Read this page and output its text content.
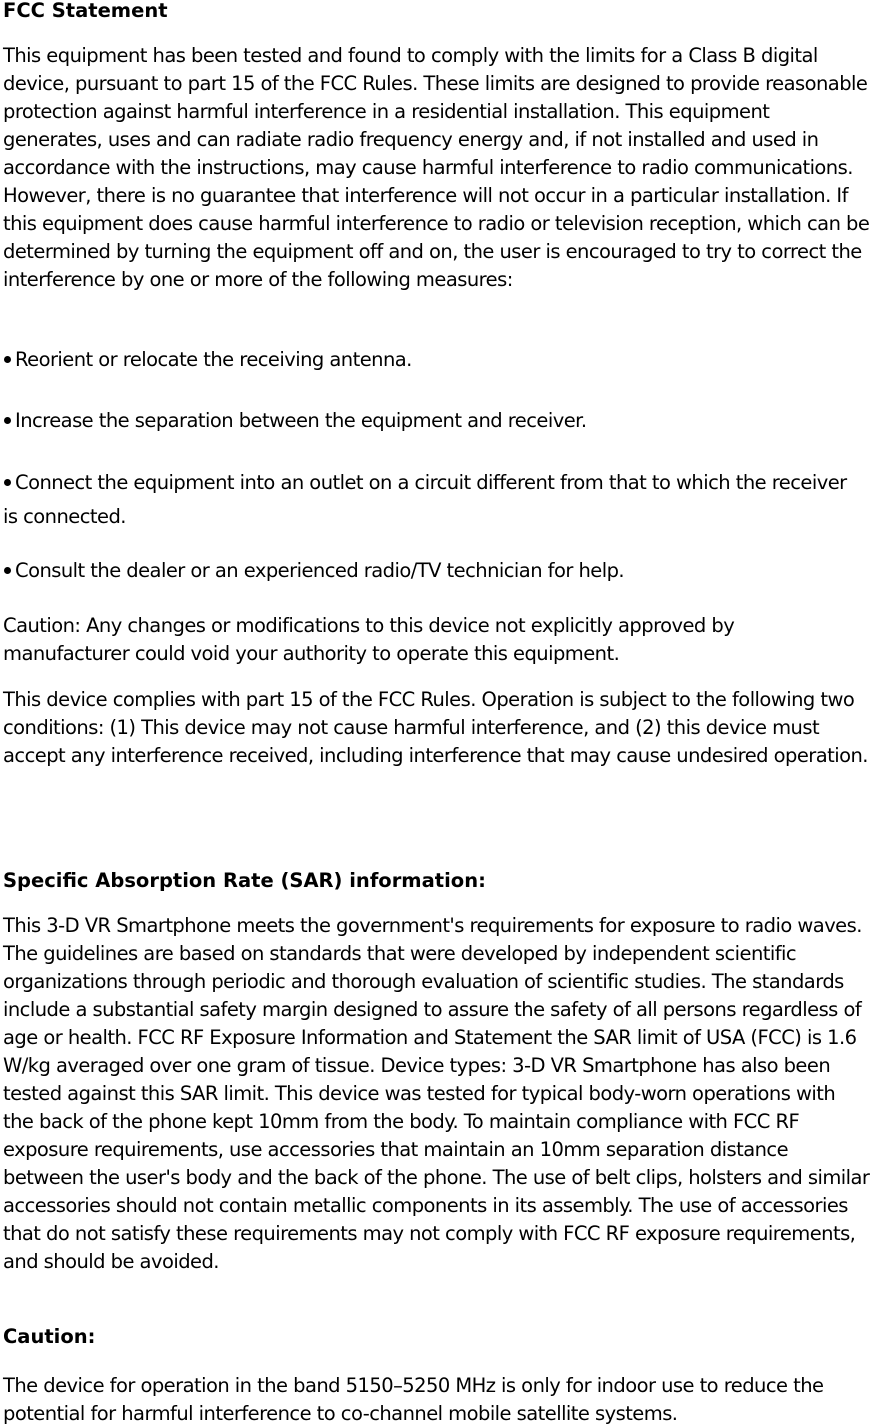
FCC Statement

This equipment has been tested and found to comply with the limits for a Class B digital device, pursuant to part 15 of the FCC Rules. These limits are designed to provide reasonable protection against harmful interference in a residential installation. This equipment generates, uses and can radiate radio frequency energy and, if not installed and used in accordance with the instructions, may cause harmful interference to radio communications. However, there is no guarantee that interference will not occur in a particular installation. If this equipment does cause harmful interference to radio or television reception, which can be determined by turning the equipment off and on, the user is encouraged to try to correct the interference by one or more of the following measures:

Reorient or relocate the receiving antenna.

Increase the separation between the equipment and receiver.

Connect the equipment into an outlet on a circuit different from that to which the receiver is connected.

Consult the dealer or an experienced radio/TV technician for help.

Caution: Any changes or modifications to this device not explicitly approved by manufacturer could void your authority to operate this equipment.

This device complies with part 15 of the FCC Rules. Operation is subject to the following two conditions: (1) This device may not cause harmful interference, and (2) this device must accept any interference received, including interference that may cause undesired operation.

Specific Absorption Rate (SAR) information:

This 3-D VR Smartphone meets the government's requirements for exposure to radio waves. The guidelines are based on standards that were developed by independent scientific organizations through periodic and thorough evaluation of scientific studies. The standards include a substantial safety margin designed to assure the safety of all persons regardless of age or health. FCC RF Exposure Information and Statement the SAR limit of USA (FCC) is 1.6 W/kg averaged over one gram of tissue. Device types: 3-D VR Smartphone has also been tested against this SAR limit. This device was tested for typical body-worn operations with the back of the phone kept 10mm from the body. To maintain compliance with FCC RF exposure requirements, use accessories that maintain an 10mm separation distance between the user's body and the back of the phone. The use of belt clips, holsters and similar accessories should not contain metallic components in its assembly. The use of accessories that do not satisfy these requirements may not comply with FCC RF exposure requirements, and should be avoided.

Caution:

The device for operation in the band 5150–5250 MHz is only for indoor use to reduce the potential for harmful interference to co-channel mobile satellite systems.
